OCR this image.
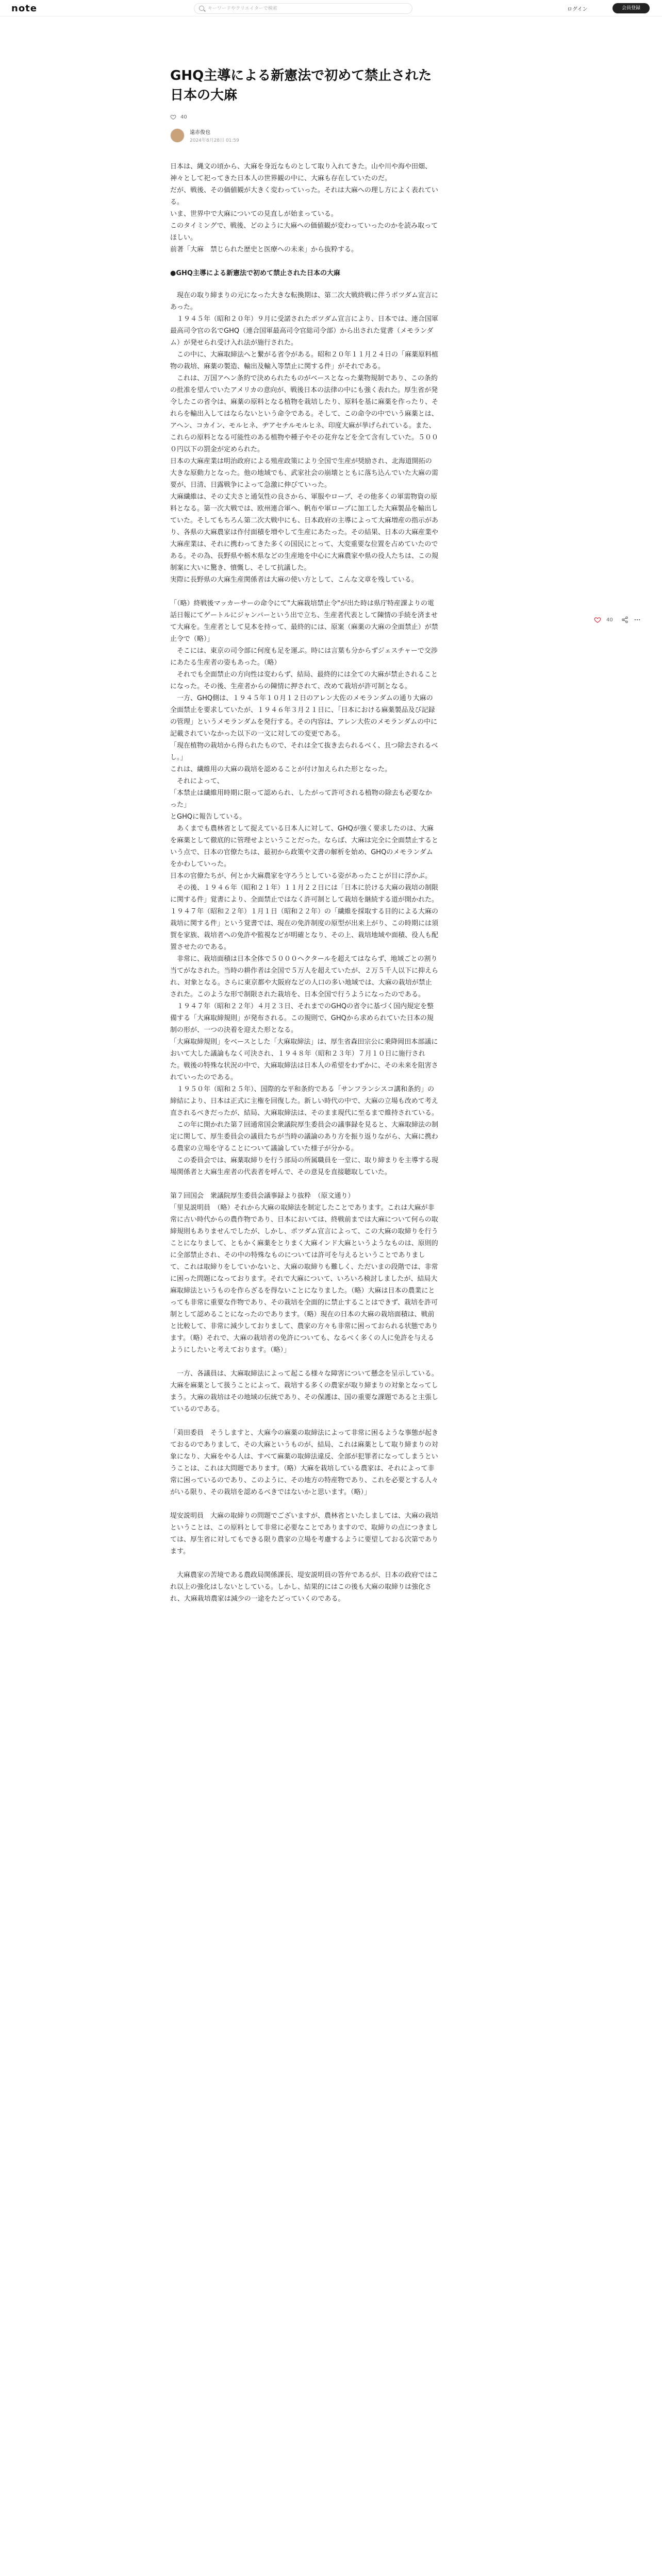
note
キーワードやクリエイターで検索	ログイン	会員登録
GHQ主導による新憲法で初めて禁止された日本の大麻
40
遠赤俊也
2024年8月28日 01:59

日本は、縄文の頃から、大麻を身近なものとして取り入れてきた。山や川や海や田畑、神々として祀ってきた日本人の世界観の中に、大麻も存在していたのだ。
だが、戦後、その価値観が大きく変わっていった。それは大麻への理し方によく表れている。
いま、世界中で大麻についての見直しが始まっている。
このタイミングで、戦後、どのように大麻への価値観が変わっていったのかを読み取ってほしい。
前著「大麻　禁じられた歴史と医療への未来」から抜粋する。

●GHQ主導による新憲法で初めて禁止された日本の大麻

　現在の取り締まりの元になった大きな転換期は、第二次大戦終戦に伴うポツダム宣言にあった。
　１９４５年（昭和２０年）９月に受諾されたポツダム宣言により、日本では、連合国軍最高司令官の名でGHQ（連合国軍最高司令官総司令部）から出された覚書（メモランダム）が発せられ受け入れ法が施行された。
　この中に、大麻取締法へと繋がる省令がある。昭和２０年１１月２４日の「麻薬原料植物の栽培、麻薬の製造、輸出及輸入等禁止に関する件」がそれである。
　これは、万国アヘン条約で決められたものがベースとなった薬物規制であり、この条約の批准を望んでいたアメリカの意向が、戦後日本の法律の中にも強く表れた。厚生省が発令したこの省令は、麻薬の原料となる植物を栽培したり、原料を基に麻薬を作ったり、それらを輸出入してはならないという命令である。そして、この命令の中でいう麻薬とは、アヘン、コカイン、モルヒネ、ヂアセチルモルヒネ、印度大麻が挙げられている。また、これらの原料となる可能性のある植物や種子やその花弁などを全て含有していた。５０００円以下の罰金が定められた。
日本の大麻産業は明治政府による殖産政策により全国で生産が奨励され、北海道開拓の大きな原動力となった。他の地域でも、武家社会の崩壊とともに落ち込んでいた大麻の需要が、日清、日露戦争によって急激に伸びていった。
大麻繊維は、その丈夫さと通気性の良さから、軍服やロープ、その他多くの軍需物資の原料となる。第一次大戦では、欧州連合軍へ、帆布や軍ロープに加工した大麻製品を輸出していた。そしてもちろん第二次大戦中にも、日本政府の主導によって大麻増産の指示があり、各県の大麻農家は作付面積を増やして生産にあたった。その結果、日本の大麻産業や大麻産業は、それに携わってきた多くの国民にとって、大変重要な位置を占めていたのである。その為、長野県や栃木県などの生産地を中心に大麻農家や県の役人たちは、この規制案に大いに驚き、憤慨し、そして抗議した。
実際に長野県の大麻生産関係者は大麻の使い方として、こんな文章を残している。

「（略）終戦後マッカーサーの命令にて"大麻栽培禁止令"が出た時は県庁特産課よりの電話日報にてゲートルにジャンパーという出で立ち、生産者代表として陳情の手続を済ませて大麻を。生産者として見本を持って、最終的には、原案（麻薬の大麻の全面禁止）が禁止令で（略）」
　そこには、東京の司令部に何度も足を運ぶ。時には言葉も分からずジェスチャーで交渉にあたる生産者の姿もあった。（略）
　それでも全面禁止の方向性は変わらず、結局、最終的には全ての大麻が禁止されることになった。その後、生産者からの陳情に押されて、改めて栽培が許可制となる。
　一方、GHQ側は、１９４５年１０月１２日のアレン大佐のメモランダムの通り大麻の全面禁止を要求していたが、１９４６年３月２１日に、「日本における麻薬製品及び記録の管理」というメモランダムを発行する。その内容は、アレン大佐のメモランダムの中に記載されていなかった以下の一文に対しての変更である。
「現在植物の栽培から得られたもので、それは全て抜き去られるべく、且つ除去されるべし。」
これは、繊維用の大麻の栽培を認めることが付け加えられた形となった。
　それによって、
「本禁止は繊維用時期に限って認められ、したがって許可される植物の除去も必要なかった」
とGHQに報告している。
　あくまでも農林省として捉えている日本人に対して、GHQが強く要求したのは、大麻を麻薬として徹底的に管理せよということだった。ならば、大麻は完全に全面禁止するという点で、日本の官僚たちは、最初から政策や文書の解析を始め、GHQのメモランダムをかわしていった。
日本の官僚たちが、何とか大麻農家を守ろうとしている姿があったことが目に浮かぶ。
　その後、１９４６年（昭和２１年）１１月２２日には「日本に於ける大麻の栽培の制限に関する件」覚書により、全面禁止ではなく許可制として栽培を継続する道が開かれた。１９４７年（昭和２２年）１月１日（昭和２２年）の「繊維を採取する目的による大麻の栽培に関する件」という覚書では、現在の免許制度の原型が出来上がり、この時期には須賀を家族、栽培者への免許や監視などが明確となり、その上、栽培地域や面積、役人も配置させたのである。
　非常に、栽培面積は日本全体で５０００ヘクタールを超えてはならず、地域ごとの割り当てがなされた。当時の耕作者は全国で５万人を超えていたが、２万５千人以下に抑えられ、対象となる。さらに東京都や大阪府などの人口の多い地域では、大麻の栽培が禁止された。このような形で制限された栽培を、日本全国で行うようになったのである。
　１９４７年（昭和２２年）４月２３日、それまでのGHQの省令に基づく国内規定を整備する「大麻取締規則」が発布される。この規則で、GHQから求められていた日本の規制の形が、一つの決着を迎えた形となる。
「大麻取締規則」をベースとした「大麻取締法」は、厚生省森田宗公に乗降岡田本部議において大した議論もなく可決され、１９４８年（昭和２３年）７月１０日に施行された。戦後の特殊な状況の中で、大麻取締法は日本人の希望をわずかに、その未来を阻害されていったのである。
　１９５０年（昭和２５年）、国際的な平和条約である「サンフランシスコ講和条約」の締結により、日本は正式に主権を回復した。新しい時代の中で、大麻の立場も改めて考え直されるべきだったが、結局、大麻取締法は、そのまま現代に至るまで維持されている。
　この年に開かれた第７回通常国会衆議院厚生委員会の議事録を見ると、大麻取締法の制定に関して、厚生委員会の議員たちが当時の議論のあり方を振り返りながら、大麻に携わる農家の立場を守ることについて議論していた様子が分かる。
　この委員会では、麻薬取締りを行う部局の所属職員を一堂に、取り締まりを主導する現場関係者と大麻生産者の代表者を呼んで、その意見を直接聴取していた。

第７回国会　衆議院厚生委員会議事録より抜粋　（原文通り）
「里見説明員　（略）それから大麻の取締法を制定したことであります。これは大麻が非常に古い時代からの農作物であり、日本においては、終戦前までは大麻について何らの取締規則もありませんでしたが、しかし、ポツダム宣言によって、この大麻の取締りを行うことになりまして、ともかく麻薬をとりまく大麻インド大麻というようなものは、原則的に全部禁止され、その中の特殊なものについては許可を与えるということでありまして、これは取締りをしていかないと、大麻の取締りも難しく、ただいまの段階では、非常に困った問題になっております。それで大麻について、いろいろ検討しましたが、結局大麻取締法というものを作らざるを得ないことになりました。（略）大麻は日本の農業にとっても非常に重要な作物であり、その栽培を全面的に禁止することはできず、栽培を許可制として認めることになったのであります。（略）現在の日本の大麻の栽培面積は、戦前と比較して、非常に減少しておりまして、農家の方々も非常に困っておられる状態であります。（略）それで、大麻の栽培者の免許についても、なるべく多くの人に免許を与えるようにしたいと考えております。（略）」

　一方、各議員は、大麻取締法によって起こる様々な障害について懸念を呈示している。大麻を麻薬として扱うことによって、栽培する多くの農家が取り締まりの対象となってしまう。大麻の栽培はその地域の伝統であり、その保護は、国の重要な課題であると主張しているのである。

「苅田委員　そうしますと、大麻今の麻薬の取締法によって非常に困るような事態が起きておるのでありまして、その大麻というものが、結局、これは麻薬として取り締まりの対象になり、大麻をやる人は、すべて麻薬の取締法違反、全部が犯罪者になってしまうということは、これは大問題であります。（略）大麻を栽培している農家は、それによって非常に困っているのであり、このように、その地方の特産物であり、これを必要とする人々がいる限り、その栽培を認めるべきではないかと思います。（略）」

堤安説明員　大麻の取締りの問題でございますが、農林省といたしましては、大麻の栽培ということは、この原料として非常に必要なことでありますので、取締りの点につきましては、厚生省に対してもできる限り農家の立場を考慮するように要望しておる次第であります。

　大麻農家の苦境である農政局関係課長、堤安説明員の答弁であるが、日本の政府ではこれ以上の強化はしないとしている。しかし、結果的にはこの後も大麻の取締りは強化され、大麻栽培農家は減少の一途をたどっていくのである。

40
